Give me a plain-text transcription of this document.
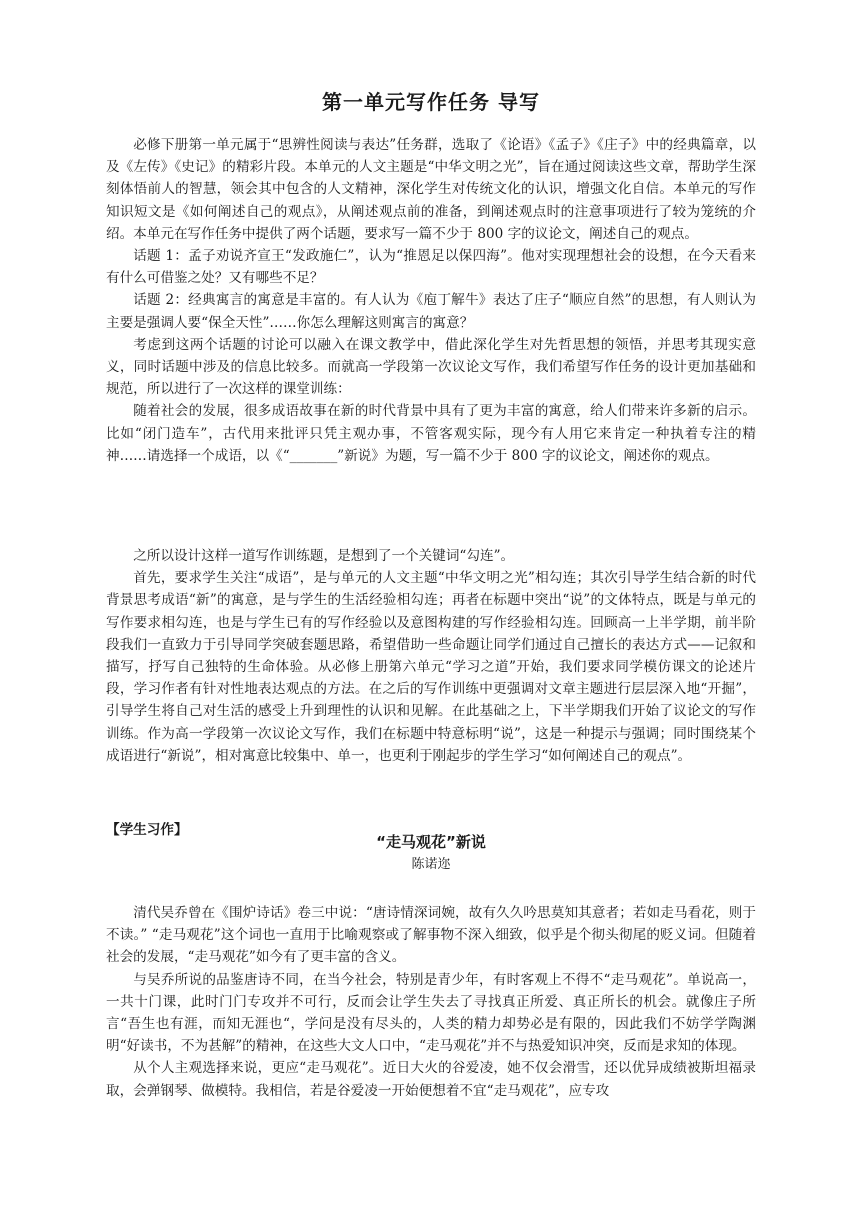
第一单元写作任务 导写

必修下册第一单元属于“思辨性阅读与表达”任务群，选取了《论语》《孟子》《庄子》中的经典篇章，以及《左传》《史记》的精彩片段。本单元的人文主题是“中华文明之光”，旨在通过阅读这些文章，帮助学生深刻体悟前人的智慧，领会其中包含的人文精神，深化学生对传统文化的认识，增强文化自信。本单元的写作知识短文是《如何阐述自己的观点》，从阐述观点前的准备，到阐述观点时的注意事项进行了较为笼统的介绍。本单元在写作任务中提供了两个话题，要求写一篇不少于 800 字的议论文，阐述自己的观点。

话题 1：孟子劝说齐宣王“发政施仁”，认为“推恩足以保四海”。他对实现理想社会的设想，在今天看来有什么可借鉴之处？又有哪些不足？

话题 2：经典寓言的寓意是丰富的。有人认为《庖丁解牛》表达了庄子“顺应自然”的思想，有人则认为主要是强调人要“保全天性”……你怎么理解这则寓言的寓意？

考虑到这两个话题的讨论可以融入在课文教学中，借此深化学生对先哲思想的领悟，并思考其现实意义，同时话题中涉及的信息比较多。而就高一学段第一次议论文写作，我们希望写作任务的设计更加基础和规范，所以进行了一次这样的课堂训练：

随着社会的发展，很多成语故事在新的时代背景中具有了更为丰富的寓意，给人们带来许多新的启示。比如“闭门造车”，古代用来批评只凭主观办事，不管客观实际，现今有人用它来肯定一种执着专注的精神……请选择一个成语，以《“_______”新说》为题，写一篇不少于 800 字的议论文，阐述你的观点。

之所以设计这样一道写作训练题，是想到了一个关键词“勾连”。

首先，要求学生关注“成语”，是与单元的人文主题“中华文明之光”相勾连；其次引导学生结合新的时代背景思考成语“新”的寓意，是与学生的生活经验相勾连；再者在标题中突出“说”的文体特点，既是与单元的写作要求相勾连，也是与学生已有的写作经验以及意图构建的写作经验相勾连。回顾高一上半学期，前半阶段我们一直致力于引导同学突破套题思路，希望借助一些命题让同学们通过自己擅长的表达方式——记叙和描写，抒写自己独特的生命体验。从必修上册第六单元“学习之道”开始，我们要求同学模仿课文的论述片段，学习作者有针对性地表达观点的方法。在之后的写作训练中更强调对文章主题进行层层深入地“开掘”，引导学生将自己对生活的感受上升到理性的认识和见解。在此基础之上，下半学期我们开始了议论文的写作训练。作为高一学段第一次议论文写作，我们在标题中特意标明“说”，这是一种提示与强调；同时围绕某个成语进行“新说”，相对寓意比较集中、单一，也更利于刚起步的学生学习“如何阐述自己的观点”。

【学生习作】
“走马观花”新说
陈诺迩

清代吴乔曾在《围炉诗话》卷三中说：“唐诗情深词婉，故有久久吟思莫知其意者；若如走马看花，则于不读。” “走马观花”这个词也一直用于比喻观察或了解事物不深入细致，似乎是个彻头彻尾的贬义词。但随着社会的发展，“走马观花”如今有了更丰富的含义。

与吴乔所说的品鉴唐诗不同，在当今社会，特别是青少年，有时客观上不得不“走马观花”。单说高一，一共十门课，此时门门专攻并不可行，反而会让学生失去了寻找真正所爱、真正所长的机会。就像庄子所言“吾生也有涯，而知无涯也“，学问是没有尽头的，人类的精力却势必是有限的，因此我们不妨学学陶渊明“好读书，不为甚解”的精神，在这些大文人口中，“走马观花”并不与热爱知识冲突，反而是求知的体现。

从个人主观选择来说，更应“走马观花”。近日大火的谷爱凌，她不仅会滑雪，还以优异成绩被斯坦福录取，会弹钢琴、做模特。我相信，若是谷爱凌一开始便想着不宜“走马观花”，应专攻
